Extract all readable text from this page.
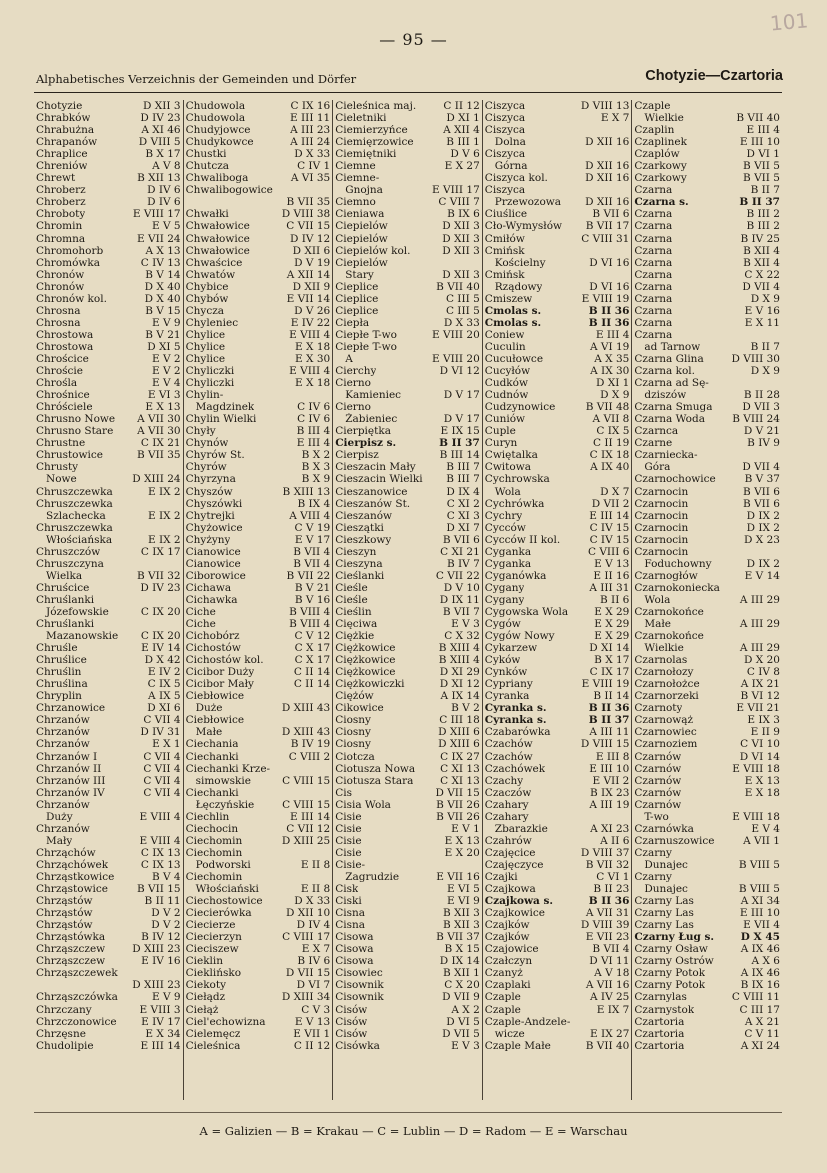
101
— 95 —
Alphabetisches Verzeichnis der Gemeinden und Dörfer	Chotyzie—Czartoria
Chotyzie	D XII 3
Chrabków	D IV 23
Chrabużna	A XI 46
Chrapanów	D VIII 5
Chraplice	B X 17
Chreniów	A V 8
Chrewt	B XII 13
Chroberz	D IV 6
Chroberz	D IV 6
Chroboty	E VIII 17
Chromin	E V 5
Chromna	E VII 24
Chromohorb	A X 13
Chromówka	C IV 13
Chronów	B V 14
Chronów	D X 40
Chronów kol.	D X 40
Chrosna	B V 15
Chrosna	E V 9
Chrostowa	B V 21
Chrostowa	D XI 5
Chrościce	E V 2
Chroście	E V 2
Chrośla	E V 4
Chrośnice	E VI 3
Chróściele	E X 13
Chrusno Nowe A VII 30
Chrusno Stare A VII 30
Chrustne	C IX 21
Chrustowice	B VII 35
Chrusty
Nowe	D XIII 24
Chruszczewka	E IX 2
Chruszczewka
Szlachecka	E IX 2
Chruszczewka
Włościańska	E IX 2
Chruszczów	C IX 17
Chruszczyna
Wielka	B VII 32
Chruścice	D IV 23
Chruślanki
Józefowskie	C IX 20
Chruślanki
Mazanowskie C IX 20
Chruśle	E IV 14
Chruślice	D X 42
Chruślin	E IV 2
Chruślina	C IX 5
Chryplin	A IX 5
Chrzanowice	D XI 6
Chrzanów	C VII 4
Chrzanów	D IV 31
Chrzanów	E X 1
Chrzanów I	C VII 4
Chrzanów II	C VII 4
Chrzanów III	C VII 4
Chrzanów IV	C VII 4
Chrzanów
Duży	E VIII 4
Chrzanów
Mały	E VIII 4
Chrząchów	C IX 13
Chrząchówek	C IX 13
Chrząstkowice	B V 4
Chrząstowice	B VII 15
Chrząstów	B II 11
Chrząstów	D V 2
Chrząstów	D V 2
Chrząstówka	B IV 12
Chrząszczew	D XIII 23
Chrząszczew	E IV 16
Chrząszczewek
D XIII 23
Chrząszczówka	E V 9
Chrzczany	E VIII 3
Chrzczonowice E IV 17
Chrzęsne	E X 34
Chudolipie	E III 14
Chudowola	C IX 16
Chudowola	E III 11
Chudyjowce	A III 23
Chudykowce	A III 24
Chustki	D X 33
Chutcza	C IV 1
Chwaliboga	A VI 35
Chwalibogowice
B VII 35
Chwałki	D VIII 38
Chwałowice	C VII 15
Chwałowice	D IV 12
Chwałowice	D XII 6
Chwaścice	D V 19
Chwatów	A XII 14
Chybice	D XII 9
Chybów	E VII 14
Chycza	D V 26
Chyleniec	E IV 22
Chylice	E VIII 4
Chylice	E X 18
Chylice	E X 30
Chyliczki	E VIII 4
Chyliczki	E X 18
Chylin-
Magdzinek	C IV 6
Chylin Wielki	C IV 6
Chyły	B III 4
Chynów	E III 4
Chyrów St.	B X 2
Chyrów	B X 3
Chyrzyna	B X 9
Chyszów	B XIII 13
Chyszówki	B IX 4
Chytrejki	A VIII 4
Chyżowice	C V 19
Chyżyny	E V 17
Cianowice	B VII 4
Cianowice	B VII 4
Ciborowice	B VII 22
Cichawa	B V 21
Cichawka	B V 16
Ciche	B VIII 4
Ciche	B VIII 4
Cichobórz	C V 12
Cichostów	C X 17
Cichostów kol.	C X 17
Cicibor Duży	C II 14
Cicibor Mały	C II 14
Ciebłowice
Duże	D XIII 43
Ciebłowice
Małe	D XIII 43
Ciechania	B IV 19
Ciechanki	C VIII 2
Ciechanki Krze-
simowskie	C VIII 15
Ciechanki
Łęczyńskie	C VIII 15
Ciechlin	E III 14
Ciechocin	C VII 12
Ciechomin	D XIII 25
Ciechomin
Podworski	E II 8
Ciechomin
Włościański	E II 8
Ciechostowice	D X 33
Ciecierówka	D XII 10
Ciecierze	D IV 4
Ciecierzyn	C VIII 17
Cieciszew	E X 7
Cieklin	B IV 6
Cieklińsko	D VII 15
Ciekoty	D VI 7
Ciełądz	D XIII 34
Ciełąż	C V 3
Ciel'echowizna	E V 13
Cielemęcz	E VII 1
Cieleśnica	C II 12
Cieleśnica maj.	C II 12
Cieletniki	D XI 1
Ciemierzyńce	A XII 4
Ciemięrzowice	B III 1
Ciemiętniki	D V 6
Ciemne	E X 27
Ciemne-
Gnojna	E VIII 17
Ciemno	C VIII 7
Cieniawa	B IX 6
Ciepielów	D XII 3
Ciepielów	D XII 3
Ciepielów kol.	D XII 3
Ciepielów
Stary	D XII 3
Cieplice	B VII 40
Cieplice	C III 5
Cieplice	C III 5
Ciepła	D X 33
Ciepłe T-wo	E VIII 20
Ciepłe T-wo
A	E VIII 20
Cierchy	D VI 12
Cierno
Kamieniec	D V 17
Cierno
Żabieniec	D V 17
Cierpiętka	E IX 15
Cierpisz s.	B II 37
Cierpisz	B III 14
Cieszacin Mały	B III 7
Cieszacin Wielki B III 7
Cieszanowice	D IX 4
Cieszanów St.	C XI 2
Cieszanów	C XI 3
Cieszątki	D XI 7
Cieszkowy	B VII 6
Cieszyn	C XI 21
Cieszyna	B IV 7
Cieślanki	C VII 22
Cieśle	D V 10
Cieśle	D IX 11
Cieślin	B VII 7
Cięciwa	E V 3
Ciężkie	C X 32
Ciężkowice	B XIII 4
Ciężkowice	B XIII 4
Ciężkowice	D XI 29
Ciężkowiczki	D XI 12
Ciężów	A IX 14
Cikowice	B V 2
Ciosny	C III 18
Ciosny	D XIII 6
Ciosny	D XIII 6
Ciotcza	C IX 27
Ciotusza Nowa C XI 13
Ciotusza Stara	C XI 13
Cis	D VII 15
Cisia Wola	B VII 26
Cisie	B VII 26
Cisie	E V 1
Cisie	E X 13
Cisie	E X 20
Cisie-
Zagrudzie	E VII 16
Cisk	E VI 5
Ciski	E VI 9
Cisna	B XII 3
Cisna	B XII 3
Cisowa	B VII 37
Cisowa	B X 15
Cisowa	D IX 14
Cisowiec	B XII 1
Cisownik	C X 20
Cisownik	D VII 9
Cisów	A X 2
Cisów	D VI 5
Cisów	D VII 5
Cisówka	E V 3
Ciszyca	D VIII 13
Ciszyca	E X 7
Ciszyca
Dolna	D XII 16
Ciszyca
Górna	D XII 16
Ciszyca kol.	D XII 16
Ciszyca
Przewozowa D XII 16
Ciuślice	B VII 6
Cło-Wymysłów B VII 17
Cmiłów	C VIII 31
Cmińsk
Kościelny	D VI 16
Cmińsk
Rządowy	D VI 16
Cmiszew	E VIII 19
Cmolas s.	B II 36
Cmolas s.	B II 36
Coniew	E III 4
Cuculin	A VI 19
Cucułowce	A X 35
Cucyłów	A IX 30
Cudków	D XI 1
Cudnów	D X 9
Cudzynowice	B VII 48
Cuniów	A VII 8
Cuple	C IX 5
Curyn	C II 19
Cwiętalka	C IX 18
Cwitowa	A IX 40
Cychrowska
Wola	D X 7
Cychrówka	D VII 2
Cychry	E III 14
Cycców	C IV 15
Cycców II kol.	C IV 15
Cyganka	C VIII 6
Cyganka	E V 13
Cyganówka	E II 16
Cygany	A III 31
Cygany	B II 6
Cygowska Wola E X 29
Cygów	E X 29
Cygów Nowy	E X 29
Cykarzew	D XI 14
Cyków	B X 17
Cynków	C IX 17
Cypriany	E VIII 19
Cyranka	B II 14
Cyranka s.	B II 36
Cyranka s.	B II 37
Czabarówka	A III 11
Czachów	D VIII 15
Czachów	E III 8
Czachówek	E III 10
Czachy	E VII 2
Czaczów	B IX 23
Czahary	A III 19
Czahary
Zbarazkie	A XI 23
Czahrów	A II 6
Czajęcice	D VIII 37
Czajęczyce	B VII 32
Czajki	C VI 1
Czajkowa	B II 23
Czajkowa s.	B II 36
Czajkowice	A VII 31
Czajków	D VIII 39
Czajków	E VII 23
Czajowice	B VII 4
Czałczyn	D VI 11
Czanyż	A V 18
Czaplaki	A VII 16
Czaple	A IV 25
Czaple	E IX 7
Czaple-Andzele-
wicze	E IX 27
Czaple Małe	B VII 40
Czaple
Wielkie	B VII 40
Czaplin	E III 4
Czaplinek	E III 10
Czaplów	D VI 1
Czarkowy	B VII 5
Czarkowy	B VII 5
Czarna	B II 7
Czarna s.	B II 37
Czarna	B III 2
Czarna	B III 2
Czarna	B IV 25
Czarna	B XII 4
Czarna	B XII 4
Czarna	C X 22
Czarna	D VII 4
Czarna	D X 9
Czarna	E V 16
Czarna	E X 11
Czarna
ad Tarnow	B II 7
Czarna Glina	D VIII 30
Czarna kol.	D X 9
Czarna ad Sę-
dziszów	B II 28
Czarna Smuga	D VII 3
Czarna Woda	B VIII 24
Czarnca	D V 21
Czarne	B IV 9
Czarniecka-
Góra	D VII 4
Czarnochowice	B V 37
Czarnocin	B VII 6
Czarnocin	B VII 6
Czarnocin	D IX 2
Czarnocin	D IX 2
Czarnocin	D X 23
Czarnocin
Foduchowny	D IX 2
Czarnogłów	E V 14
Czarnokoniecka
Wola	A III 29
Czarnokońce
Małe	A III 29
Czarnokońce
Wielkie	A III 29
Czarnolas	D X 20
Czarnołozy	C IV 8
Czarnołożce	A IX 21
Czarnorzeki	B VI 12
Czarnoty	E VII 21
Czarnowąż	E IX 3
Czarnowiec	E II 9
Czarnoziem	C VI 10
Czarnów	D VI 14
Czarnów	E VIII 18
Czarnów	E X 13
Czarnów	E X 18
Czarnów
T-wo	E VIII 18
Czarnówka	E V 4
Czarnuszowice	A VII 1
Czarny
Dunajec	B VIII 5
Czarny
Dunajec	B VIII 5
Czarny Las	A XI 34
Czarny Las	E III 10
Czarny Las	E VII 4
Czarny Ług s.	D X 45
Czarny Osław	A IX 46
Czarny Ostrów	A X 6
Czarny Potok	A IX 46
Czarny Potok	B IX 16
Czarnylas	C VIII 11
Czarnystok	C III 17
Czartoria	A X 21
Czartoria	C V 11
Czartoria	A XI 24
A = Galizien — B = Krakau — C = Lublin — D = Radom — E = Warschau
